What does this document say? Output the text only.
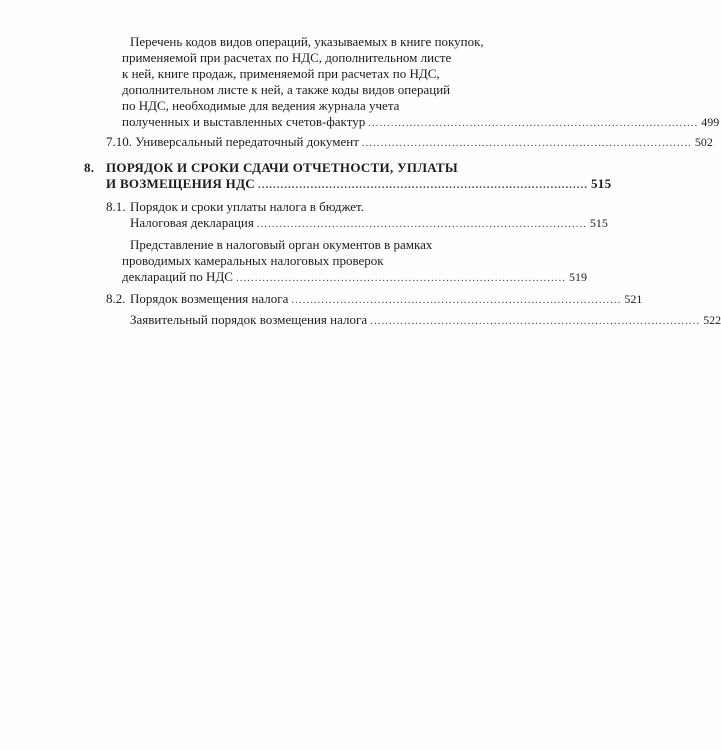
Перечень кодов видов операций, указываемых в книге покупок,
применяемой при расчетах по НДС, дополнительном листе
к ней, книге продаж, применяемой при расчетах по НДС,
дополнительном листе к ней, а также коды видов операций
по НДС, необходимые для ведения журнала учета
полученных и выставленных счетов-фактур ........................................................................................ 499
7.10. Универсальный передаточный документ ........................................................................................ 502
8. ПОРЯДОК И СРОКИ СДАЧИ ОТЧЕТНОСТИ, УПЛАТЫ
И ВОЗМЕЩЕНИЯ НДС ........................................................................................ 515
8.1. Порядок и сроки уплаты налога в бюджет.
Налоговая декларация ........................................................................................ 515
Представление в налоговый орган окументов в рамках
проводимых камеральных налоговых проверок
деклараций по НДС ........................................................................................ 519
8.2. Порядок возмещения налога ........................................................................................ 521
Заявительный порядок возмещения налога ........................................................................................ 522
